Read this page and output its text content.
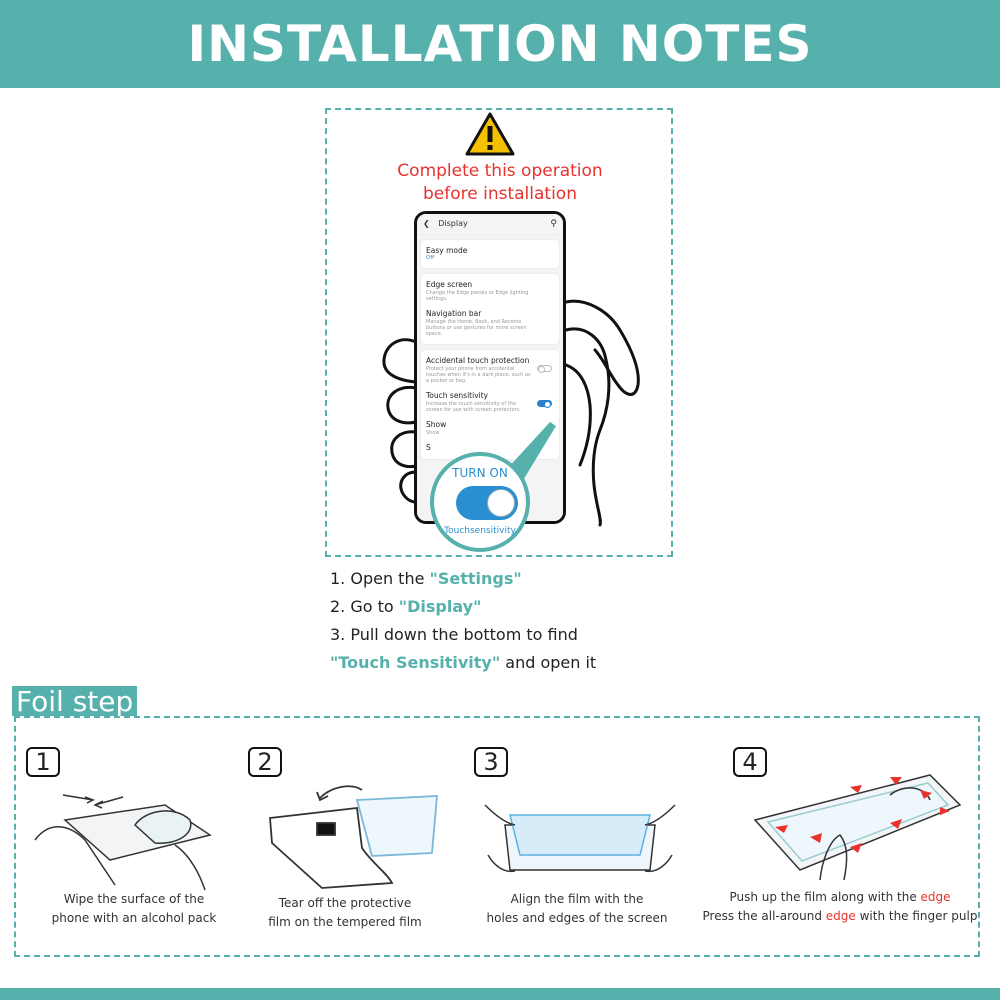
INSTALLATION NOTES
Complete this operation
before installation
❮ Display	⚲
Easy mode
Off
Edge screen
Change the Edge panels or Edge lighting settings.
Navigation bar
Manage the Home, Back, and Recents buttons or use gestures for more screen space.
Accidental touch protection
Protect your phone from accidental touches when it's in a dark place, such as a pocket or bag.
Touch sensitivity
Increase the touch sensitivity of the screen for use with screen protectors.
Show
Show
S
TURN ON
Touchsensitivity
1. Open the "Settings"
2. Go to "Display"
3. Pull down the bottom to find
"Touch Sensitivity" and open it
Foil step
1
Wipe the surface of the
phone with an alcohol pack
2
Tear off the protective
film on the tempered film
3
Align the film with the
holes and edges of the screen
4
Push up the film along with the edge
Press the all-around edge with the finger pulp
